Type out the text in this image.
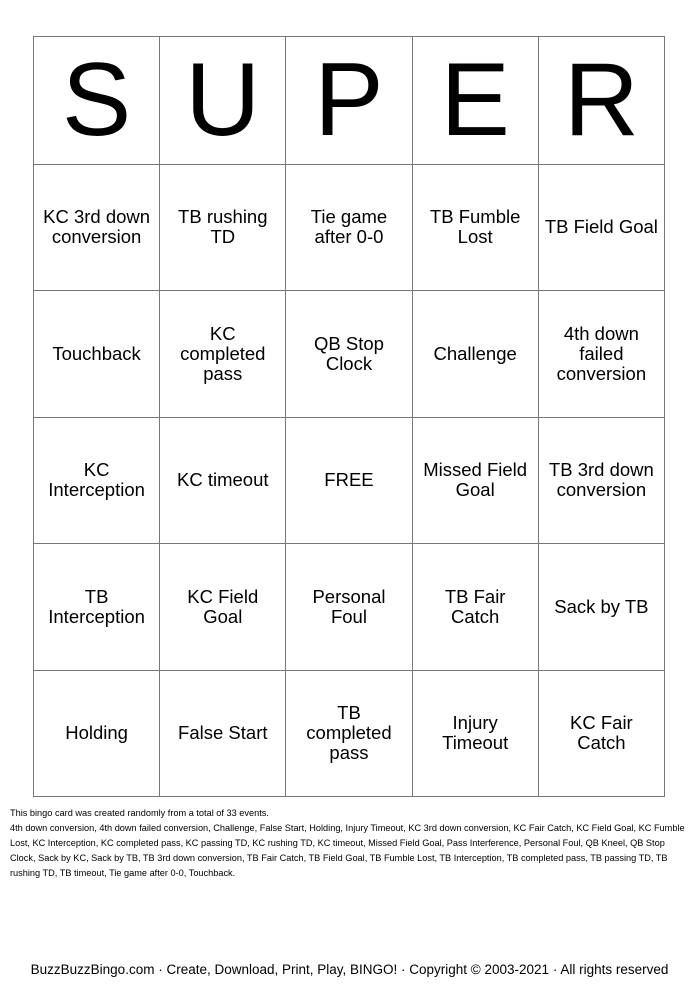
S	U	P	E	R
KC 3rd down conversion	TB rushing TD	Tie game after 0-0	TB Fumble Lost	TB Field Goal
Touchback	KC completed pass	QB Stop Clock	Challenge	4th down failed conversion
KC Interception	KC timeout	FREE	Missed Field Goal	TB 3rd down conversion
TB Interception	KC Field Goal	Personal Foul	TB Fair Catch	Sack by TB
Holding	False Start	TB completed pass	Injury Timeout	KC Fair Catch
This bingo card was created randomly from a total of 33 events.
4th down conversion, 4th down failed conversion, Challenge, False Start, Holding, Injury Timeout, KC 3rd down conversion, KC Fair Catch, KC Field Goal, KC Fumble Lost, KC Interception, KC completed pass, KC passing TD, KC rushing TD, KC timeout, Missed Field Goal, Pass Interference, Personal Foul, QB Kneel, QB Stop Clock, Sack by KC, Sack by TB, TB 3rd down conversion, TB Fair Catch, TB Field Goal, TB Fumble Lost, TB Interception, TB completed pass, TB passing TD, TB rushing TD, TB timeout, Tie game after 0-0, Touchback.
BuzzBuzzBingo.com · Create, Download, Print, Play, BINGO! · Copyright © 2003-2021 · All rights reserved
